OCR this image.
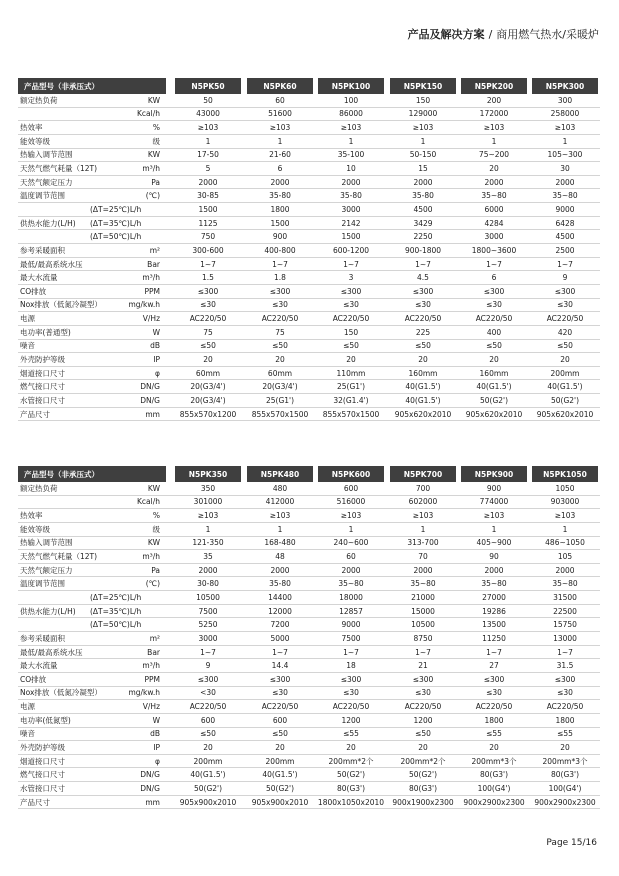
产品及解决方案 / 商用燃气热水/采暖炉
产品型号（非承压式）	N5PK50	N5PK60	N5PK100	N5PK150	N5PK200	N5PK300
额定热负荷	KW	50	60	100	150	200	300
Kcal/h	43000	51600	86000	129000	172000	258000
热效率	%	≥103	≥103	≥103	≥103	≥103	≥103
能效等级	级	1	1	1	1	1	1
热输入调节范围	KW	17-50	21-60	35-100	50-150	75~200	105~300
天然气燃气耗量（12T)	m³/h	5	6	10	15	20	30
天然气额定压力	Pa	2000	2000	2000	2000	2000	2000
温度调节范围	(℃)	30-85	35-80	35-80	35-80	35~80	35~80
(ΔT=25℃)L/h	1500	1800	3000	4500	6000	9000
供热水能力(L/H)	(ΔT=35℃)L/h	1125	1500	2142	3429	4284	6428
(ΔT=50℃)L/h	750	900	1500	2250	3000	4500
参考采暖面积	m²	300-600	400-800	600-1200	900-1800	1800~3600	2500
最低/最高系统水压	Bar	1~7	1~7	1~7	1~7	1~7	1~7
最大水流量	m³/h	1.5	1.8	3	4.5	6	9
CO排放	PPM	≤300	≤300	≤300	≤300	≤300	≤300
Nox排放（低氮冷凝型）	mg/kw.h	≤30	≤30	≤30	≤30	≤30	≤30
电源	V/Hz	AC220/50	AC220/50	AC220/50	AC220/50	AC220/50	AC220/50
电功率(普通型)	W	75	75	150	225	400	420
噪音	dB	≤50	≤50	≤50	≤50	≤50	≤50
外壳防护等级	IP	20	20	20	20	20	20
烟道接口尺寸	φ	60mm	60mm	110mm	160mm	160mm	200mm
燃气接口尺寸	DN/G	20(G3/4')	20(G3/4')	25(G1')	40(G1.5')	40(G1.5')	40(G1.5')
水管接口尺寸	DN/G	20(G3/4')	25(G1')	32(G1.4')	40(G1.5')	50(G2')	50(G2')
产品尺寸	mm	855x570x1200	855x570x1500	855x570x1500	905x620x2010	905x620x2010	905x620x2010
产品型号（非承压式）	N5PK350	N5PK480	N5PK600	N5PK700	N5PK900	N5PK1050
额定热负荷	KW	350	480	600	700	900	1050
Kcal/h	301000	412000	516000	602000	774000	903000
热效率	%	≥103	≥103	≥103	≥103	≥103	≥103
能效等级	级	1	1	1	1	1	1
热输入调节范围	KW	121-350	168-480	240~600	313-700	405~900	486~1050
天然气燃气耗量（12T)	m³/h	35	48	60	70	90	105
天然气额定压力	Pa	2000	2000	2000	2000	2000	2000
温度调节范围	(℃)	30-80	35-80	35~80	35~80	35~80	35~80
(ΔT=25℃)L/h	10500	14400	18000	21000	27000	31500
供热水能力(L/H)	(ΔT=35℃)L/h	7500	12000	12857	15000	19286	22500
(ΔT=50℃)L/h	5250	7200	9000	10500	13500	15750
参考采暖面积	m²	3000	5000	7500	8750	11250	13000
最低/最高系统水压	Bar	1~7	1~7	1~7	1~7	1~7	1~7
最大水流量	m³/h	9	14.4	18	21	27	31.5
CO排放	PPM	≤300	≤300	≤300	≤300	≤300	≤300
Nox排放（低氮冷凝型）	mg/kw.h	<30	≤30	≤30	≤30	≤30	≤30
电源	V/Hz	AC220/50	AC220/50	AC220/50	AC220/50	AC220/50	AC220/50
电功率(低氮型)	W	600	600	1200	1200	1800	1800
噪音	dB	≤50	≤50	≤55	≤50	≤55	≤55
外壳防护等级	IP	20	20	20	20	20	20
烟道接口尺寸	φ	200mm	200mm	200mm*2个	200mm*2个	200mm*3个	200mm*3个
燃气接口尺寸	DN/G	40(G1.5')	40(G1.5')	50(G2')	50(G2')	80(G3')	80(G3')
水管接口尺寸	DN/G	50(G2')	50(G2')	80(G3')	80(G3')	100(G4')	100(G4')
产品尺寸	mm	905x900x2010	905x900x2010	1800x1050x2010	900x1900x2300	900x2900x2300	900x2900x2300
Page 15/16
